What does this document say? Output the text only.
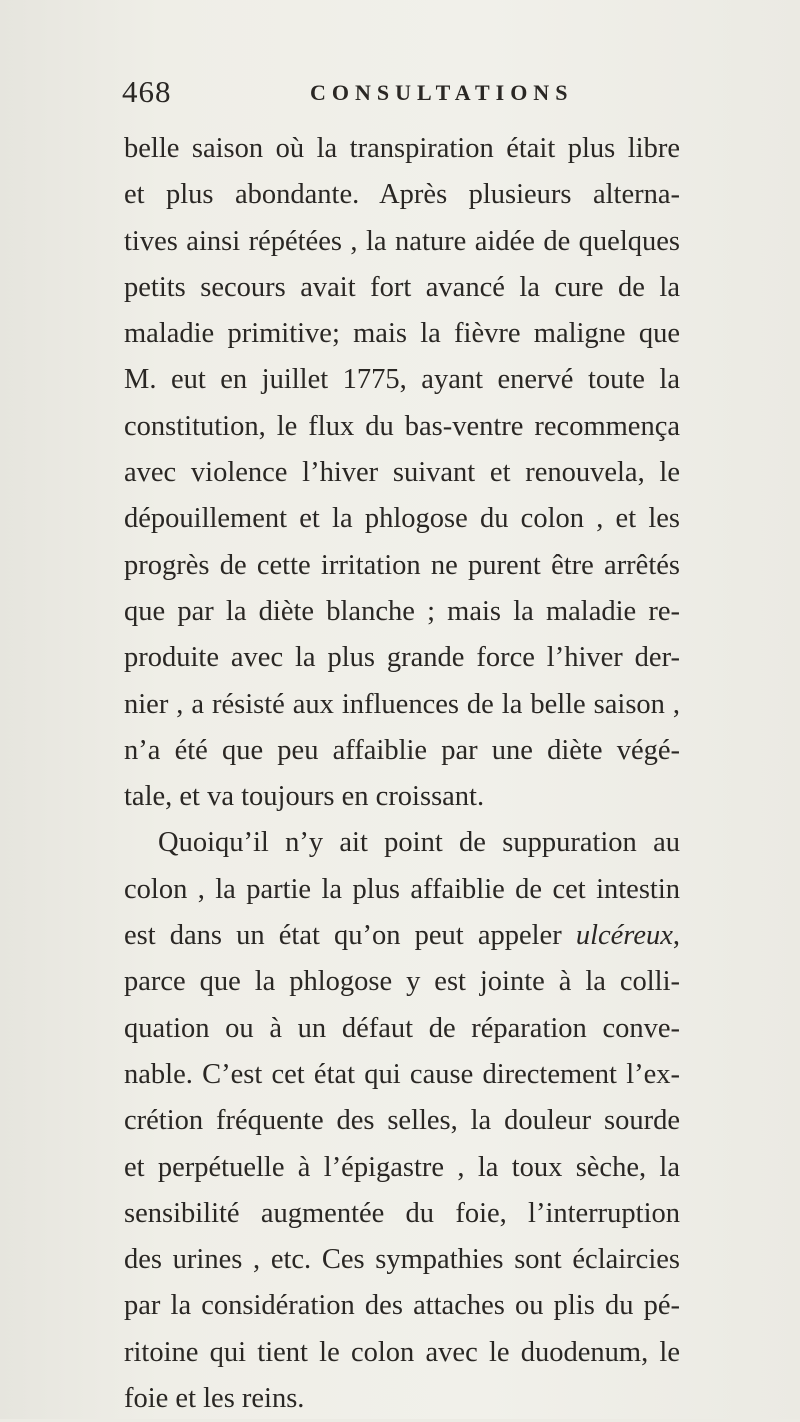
468	CONSULTATIONS
belle saison où la transpiration était plus libre
et plus abondante. Après plusieurs alterna-
tives ainsi répétées , la nature aidée de quelques
petits secours avait fort avancé la cure de la
maladie primitive; mais la fièvre maligne que
M. eut en juillet 1775, ayant enervé toute la
constitution, le flux du bas-ventre recommença
avec violence l’hiver suivant et renouvela, le
dépouillement et la phlogose du colon , et les
progrès de cette irritation ne purent être arrêtés
que par la diète blanche ; mais la maladie re-
produite avec la plus grande force l’hiver der-
nier , a résisté aux influences de la belle saison ,
n’a été que peu affaiblie par une diète végé-
tale, et va toujours en croissant.
Quoiqu’il n’y ait point de suppuration au
colon , la partie la plus affaiblie de cet intestin
est dans un état qu’on peut appeler ulcéreux,
parce que la phlogose y est jointe à la colli-
quation ou à un défaut de réparation conve-
nable. C’est cet état qui cause directement l’ex-
crétion fréquente des selles, la douleur sourde
et perpétuelle à l’épigastre , la toux sèche, la
sensibilité augmentée du foie, l’interruption
des urines , etc. Ces sympathies sont éclaircies
par la considération des attaches ou plis du pé-
ritoine qui tient le colon avec le duodenum, le
foie et les reins.
